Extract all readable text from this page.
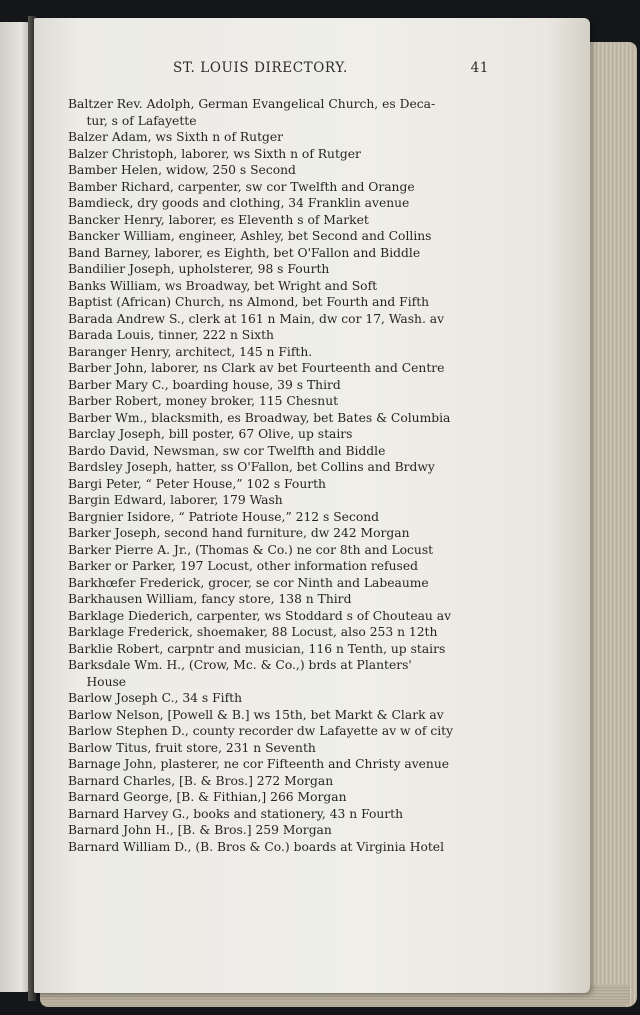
ST. LOUIS DIRECTORY.	41
Baltzer Rev. Adolph, German Evangelical Church, es Deca-
tur, s of Lafayette
Balzer Adam, ws Sixth n of Rutger
Balzer Christoph, laborer, ws Sixth n of Rutger
Bamber Helen, widow, 250 s Second
Bamber Richard, carpenter, sw cor Twelfth and Orange
Bamdieck, dry goods and clothing, 34 Franklin avenue
Bancker Henry, laborer, es Eleventh s of Market
Bancker William, engineer, Ashley, bet Second and Collins
Band Barney, laborer, es Eighth, bet O'Fallon and Biddle
Bandilier Joseph, upholsterer, 98 s Fourth
Banks William, ws Broadway, bet Wright and Soft
Baptist (African) Church, ns Almond, bet Fourth and Fifth
Barada Andrew S., clerk at 161 n Main, dw cor 17, Wash. av
Barada Louis, tinner, 222 n Sixth
Baranger Henry, architect, 145 n Fifth.
Barber John, laborer, ns Clark av bet Fourteenth and Centre
Barber Mary C., boarding house, 39 s Third
Barber Robert, money broker, 115 Chesnut
Barber Wm., blacksmith, es Broadway, bet Bates & Columbia
Barclay Joseph, bill poster, 67 Olive, up stairs
Bardo David, Newsman, sw cor Twelfth and Biddle
Bardsley Joseph, hatter, ss O'Fallon, bet Collins and Brdwy
Bargi Peter, “ Peter House,” 102 s Fourth
Bargin Edward, laborer, 179 Wash
Bargnier Isidore, “ Patriote House,” 212 s Second
Barker Joseph, second hand furniture, dw 242 Morgan
Barker Pierre A. Jr., (Thomas & Co.) ne cor 8th and Locust
Barker or Parker, 197 Locust, other information refused
Barkhœfer Frederick, grocer, se cor Ninth and Labeaume
Barkhausen William, fancy store, 138 n Third
Barklage Diederich, carpenter, ws Stoddard s of Chouteau av
Barklage Frederick, shoemaker, 88 Locust, also 253 n 12th
Barklie Robert, carpntr and musician, 116 n Tenth, up stairs
Barksdale Wm. H., (Crow, Mc. & Co.,) brds at Planters'
House
Barlow Joseph C., 34 s Fifth
Barlow Nelson, [Powell & B.] ws 15th, bet Markt & Clark av
Barlow Stephen D., county recorder dw Lafayette av w of city
Barlow Titus, fruit store, 231 n Seventh
Barnage John, plasterer, ne cor Fifteenth and Christy avenue
Barnard Charles, [B. & Bros.] 272 Morgan
Barnard George, [B. & Fithian,] 266 Morgan
Barnard Harvey G., books and stationery, 43 n Fourth
Barnard John H., [B. & Bros.] 259 Morgan
Barnard William D., (B. Bros & Co.) boards at Virginia Hotel
